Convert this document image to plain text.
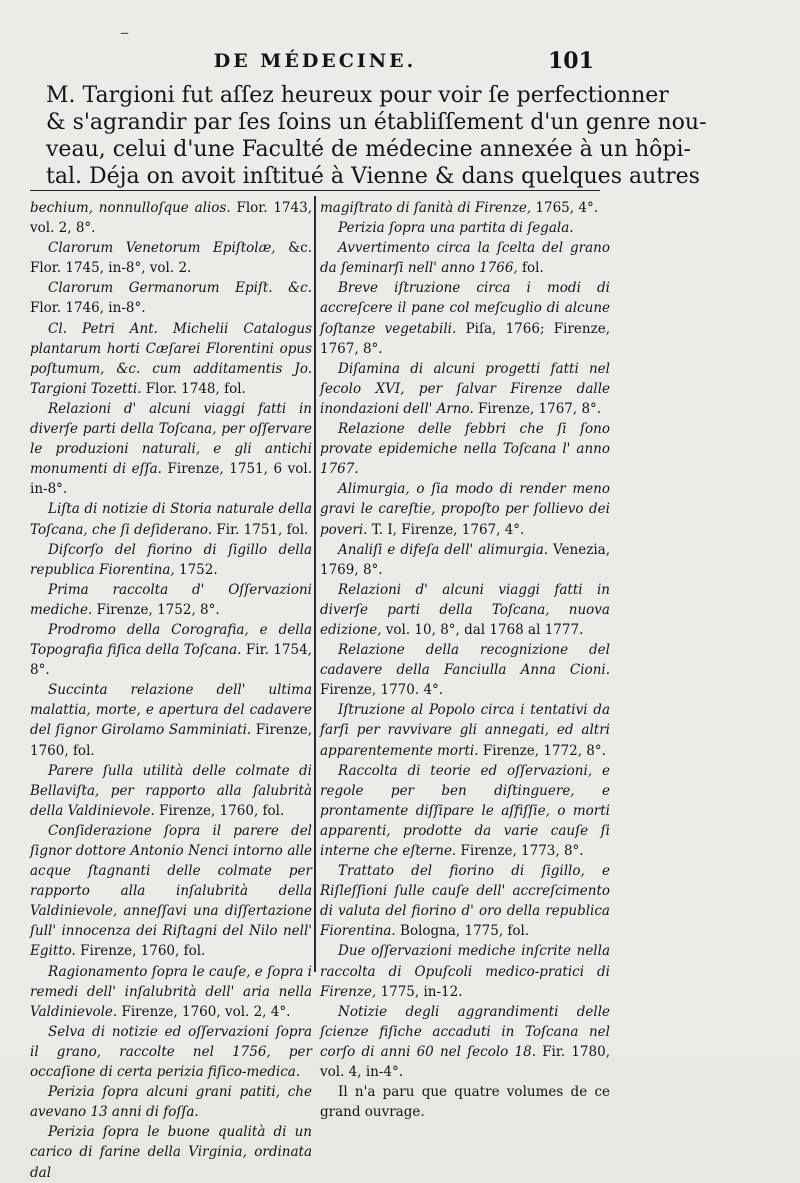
–
DE MÉDECINE.	101
M. Targioni fut aſſez heureux pour voir ſe perfectionner
& s'agrandir par ſes ſoins un établiſſement d'un genre nou-
veau, celui d'une Faculté de médecine annexée à un hôpi-
tal. Déja on avoit inſtitué à Vienne & dans quelques autres

bechium, nonnulloſque alios. Flor. 1743, vol. 2, 8°.

Clarorum Venetorum Epiſtolæ, &c. Flor. 1745, in-8°, vol. 2.

Clarorum Germanorum Epiſt. &c. Flor. 1746, in-8°.

Cl. Petri Ant. Michelii Catalogus plantarum horti Cæſarei Florentini opus poſtumum, &c. cum additamentis Jo. Targioni Tozetti. Flor. 1748, fol.

Relazioni d' alcuni viaggi fatti in diverſe parti della Toſcana, per oſſervare le produzioni naturali, e gli antichi monumenti di eſſa. Firenze, 1751, 6 vol. in-8°.

Liſta di notizie di Storia naturale della Toſcana, che ſi deſiderano. Fir. 1751, fol.

Diſcorſo del fiorino di ſigillo della republica Fiorentina, 1752.

Prima raccolta d' Oſſervazioni mediche. Firenze, 1752, 8°.

Prodromo della Corografia, e della Topografia fiſica della Toſcana. Fir. 1754, 8°.

Succinta relazione dell' ultima malattia, morte, e apertura del cadavere del ſignor Girolamo Samminiati. Firenze, 1760, fol.

Parere ſulla utilità delle colmate di Bellaviſta, per rapporto alla ſalubrità della Valdinievole. Firenze, 1760, fol.

Conſiderazione ſopra il parere del ſignor dottore Antonio Nenci intorno alle acque ſtagnanti delle colmate per rapporto alla inſalubrità della Valdinievole, anneſſavi una diſſertazione ſull' innocenza dei Riſtagni del Nilo nell' Egitto. Firenze, 1760, fol.

Ragionamento ſopra le cauſe, e ſopra i remedi dell' inſalubrità dell' aria nella Valdinievole. Firenze, 1760, vol. 2, 4°.

Selva di notizie ed oſſervazioni ſopra il grano, raccolte nel 1756, per occaſione di certa perizia fiſico-medica.

Perizia ſopra alcuni grani patiti, che avevano 13 anni di foſſa.

Perizia ſopra le buone qualità di un carico di farine della Virginia, ordinata dal

magiſtrato di ſanità di Firenze, 1765, 4°.

Perizia ſopra una partita di ſegala.

Avvertimento circa la ſcelta del grano da ſeminarſi nell' anno 1766, fol.

Breve iſtruzione circa i modi di accreſcere il pane col meſcuglio di alcune ſoſtanze vegetabili. Piſa, 1766; Firenze, 1767, 8°.

Diſamina di alcuni progetti fatti nel ſecolo XVI, per ſalvar Firenze dalle inondazioni dell' Arno. Firenze, 1767, 8°.

Relazione delle febbri che ſi ſono provate epidemiche nella Toſcana l' anno 1767.

Alimurgia, o ſia modo di render meno gravi le careſtie, propoſto per ſollievo dei poveri. T. I, Firenze, 1767, 4°.

Analiſi e difeſa dell' alimurgia. Venezia, 1769, 8°.

Relazioni d' alcuni viaggi fatti in diverſe parti della Toſcana, nuova edizione, vol. 10, 8°, dal 1768 al 1777.

Relazione della recognizione del cadavere della Fanciulla Anna Cioni. Firenze, 1770. 4°.

Iſtruzione al Popolo circa i tentativi da farſi per ravvivare gli annegati, ed altri apparentemente morti. Firenze, 1772, 8°.

Raccolta di teorie ed oſſervazioni, e regole per ben diſtinguere, e prontamente diſſipare le aſfiſſie, o morti apparenti, prodotte da varie cauſe ſi interne che eſterne. Firenze, 1773, 8°.

Trattato del fiorino di ſigillo, e Riſleſſioni ſulle cauſe dell' accreſcimento di valuta del fiorino d' oro della republica Fiorentina. Bologna, 1775, fol.

Due oſſervazioni mediche inſcrite nella raccolta di Opuſcoli medico-pratici di Firenze, 1775, in-12.

Notizie degli aggrandimenti delle ſcienze fiſiche accaduti in Toſcana nel corſo di anni 60 nel ſecolo 18. Fir. 1780, vol. 4, in-4°.

Il n'a paru que quatre volumes de ce grand ouvrage.
